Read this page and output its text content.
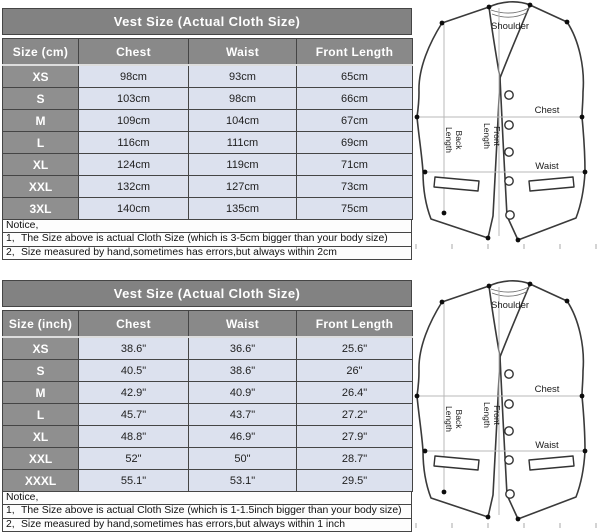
Vest Size (Actual Cloth Size)
Size (cm)	Chest	Waist	Front Length
XS	98cm	93cm	65cm
S	103cm	98cm	66cm
M	109cm	104cm	67cm
L	116cm	111cm	69cm
XL	124cm	119cm	71cm
XXL	132cm	127cm	73cm
3XL	140cm	135cm	75cm
Notice,
1, The Size above is actual Cloth Size (which is 3-5cm bigger than your body size)
2, Size measured by hand,sometimes has errors,but always within 2cm
Shoulder
Chest
Waist
Back
Length	Front
Length
Vest Size (Actual Cloth Size)
Size (inch)	Chest	Waist	Front Length
XS	38.6"	36.6"	25.6"
S	40.5"	38.6"	26"
M	42.9"	40.9"	26.4"
L	45.7"	43.7"	27.2"
XL	48.8"	46.9"	27.9"
XXL	52"	50"	28.7"
XXXL	55.1"	53.1"	29.5"
Notice,
1, The Size above is actual Cloth Size (which is 1-1.5inch bigger than your body size)
2, Size measured by hand,sometimes has errors,but always within 1 inch
Shoulder
Chest
Waist
Back
Length	Front
Length
